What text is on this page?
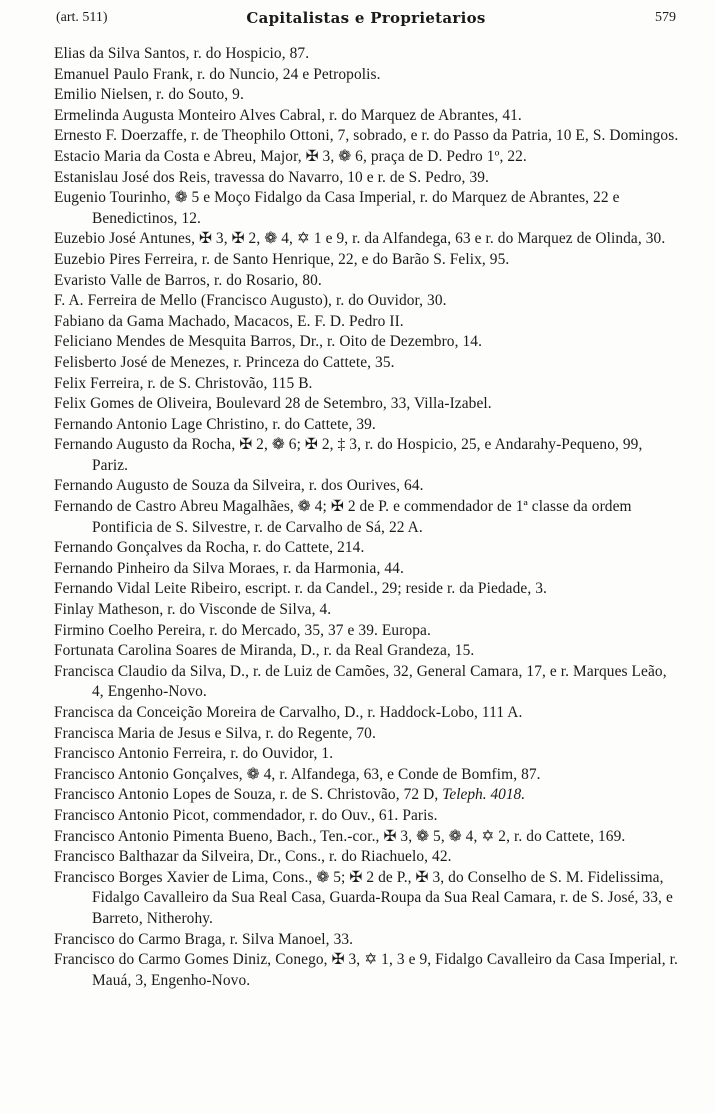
(art. 511)	Capitalistas e Proprietarios	579
Elias da Silva Santos, r. do Hospicio, 87.
Emanuel Paulo Frank, r. do Nuncio, 24 e Petropolis.
Emilio Nielsen, r. do Souto, 9.
Ermelinda Augusta Monteiro Alves Cabral, r. do Marquez de Abrantes, 41.
Ernesto F. Doerzaffe, r. de Theophilo Ottoni, 7, sobrado, e r. do Passo da Patria, 10 E, S. Domingos.
Estacio Maria da Costa e Abreu, Major, ✠ 3, ❁ 6, praça de D. Pedro 1º, 22.
Estanislau José dos Reis, travessa do Navarro, 10 e r. de S. Pedro, 39.
Eugenio Tourinho, ❁ 5 e Moço Fidalgo da Casa Imperial, r. do Marquez de Abrantes, 22 e Benedictinos, 12.
Euzebio José Antunes, ✠ 3, ✠ 2, ❁ 4, ✡ 1 e 9, r. da Alfandega, 63 e r. do Marquez de Olinda, 30.
Euzebio Pires Ferreira, r. de Santo Henrique, 22, e do Barão S. Felix, 95.
Evaristo Valle de Barros, r. do Rosario, 80.
F. A. Ferreira de Mello (Francisco Augusto), r. do Ouvidor, 30.
Fabiano da Gama Machado, Macacos, E. F. D. Pedro II.
Feliciano Mendes de Mesquita Barros, Dr., r. Oito de Dezembro, 14.
Felisberto José de Menezes, r. Princeza do Cattete, 35.
Felix Ferreira, r. de S. Christovão, 115 B.
Felix Gomes de Oliveira, Boulevard 28 de Setembro, 33, Villa-Izabel.
Fernando Antonio Lage Christino, r. do Cattete, 39.
Fernando Augusto da Rocha, ✠ 2, ❁ 6; ✠ 2, ‡ 3, r. do Hospicio, 25, e Andarahy-Pequeno, 99, Pariz.
Fernando Augusto de Souza da Silveira, r. dos Ourives, 64.
Fernando de Castro Abreu Magalhães, ❁ 4; ✠ 2 de P. e commendador de 1ª classe da ordem Pontificia de S. Silvestre, r. de Carvalho de Sá, 22 A.
Fernando Gonçalves da Rocha, r. do Cattete, 214.
Fernando Pinheiro da Silva Moraes, r. da Harmonia, 44.
Fernando Vidal Leite Ribeiro, escript. r. da Candel., 29; reside r. da Piedade, 3.
Finlay Matheson, r. do Visconde de Silva, 4.
Firmino Coelho Pereira, r. do Mercado, 35, 37 e 39. Europa.
Fortunata Carolina Soares de Miranda, D., r. da Real Grandeza, 15.
Francisca Claudio da Silva, D., r. de Luiz de Camões, 32, General Camara, 17, e r. Marques Leão, 4, Engenho-Novo.
Francisca da Conceição Moreira de Carvalho, D., r. Haddock-Lobo, 111 A.
Francisca Maria de Jesus e Silva, r. do Regente, 70.
Francisco Antonio Ferreira, r. do Ouvidor, 1.
Francisco Antonio Gonçalves, ❁ 4, r. Alfandega, 63, e Conde de Bomfim, 87.
Francisco Antonio Lopes de Souza, r. de S. Christovão, 72 D, Teleph. 4018.
Francisco Antonio Picot, commendador, r. do Ouv., 61. Paris.
Francisco Antonio Pimenta Bueno, Bach., Ten.-cor., ✠ 3, ❁ 5, ❁ 4, ✡ 2, r. do Cattete, 169.
Francisco Balthazar da Silveira, Dr., Cons., r. do Riachuelo, 42.
Francisco Borges Xavier de Lima, Cons., ❁ 5; ✠ 2 de P., ✠ 3, do Conselho de S. M. Fidelissima, Fidalgo Cavalleiro da Sua Real Casa, Guarda-Roupa da Sua Real Camara, r. de S. José, 33, e Barreto, Nitherohy.
Francisco do Carmo Braga, r. Silva Manoel, 33.
Francisco do Carmo Gomes Diniz, Conego, ✠ 3, ✡ 1, 3 e 9, Fidalgo Cavalleiro da Casa Imperial, r. Mauá, 3, Engenho-Novo.
